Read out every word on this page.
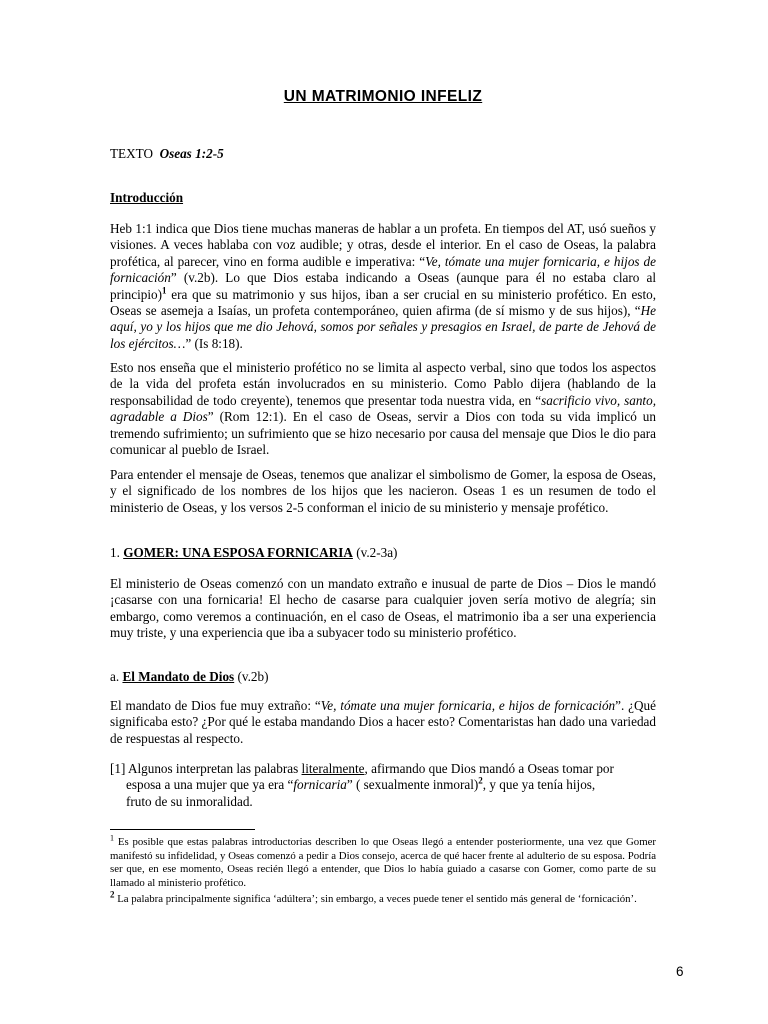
UN MATRIMONIO INFELIZ
TEXTO Oseas 1:2-5
Introducción
Heb 1:1 indica que Dios tiene muchas maneras de hablar a un profeta. En tiempos del AT, usó sueños y visiones. A veces hablaba con voz audible; y otras, desde el interior. En el caso de Oseas, la palabra profética, al parecer, vino en forma audible e imperativa: “Ve, tómate una mujer fornicaria, e hijos de fornicación” (v.2b). Lo que Dios estaba indicando a Oseas (aunque para él no estaba claro al principio)$^1$ era que su matrimonio y sus hijos, iban a ser crucial en su ministerio profético. En esto, Oseas se asemeja a Isaías, un profeta contemporáneo, quien afirma (de sí mismo y de sus hijos), “He aquí, yo y los hijos que me dio Jehová, somos por señales y presagios en Israel, de parte de Jehová de los ejércitos…” (Is 8:18).
Esto nos enseña que el ministerio profético no se limita al aspecto verbal, sino que todos los aspectos de la vida del profeta están involucrados en su ministerio. Como Pablo dijera (hablando de la responsabilidad de todo creyente), tenemos que presentar toda nuestra vida, en “sacrificio vivo, santo, agradable a Dios” (Rom 12:1). En el caso de Oseas, servir a Dios con toda su vida implicó un tremendo sufrimiento; un sufrimiento que se hizo necesario por causa del mensaje que Dios le dio para comunicar al pueblo de Israel.
Para entender el mensaje de Oseas, tenemos que analizar el simbolismo de Gomer, la esposa de Oseas, y el significado de los nombres de los hijos que les nacieron. Oseas 1 es un resumen de todo el ministerio de Oseas, y los versos 2-5 conforman el inicio de su ministerio y mensaje profético.
1. GOMER: UNA ESPOSA FORNICARIA (v.2-3a)
El ministerio de Oseas comenzó con un mandato extraño e inusual de parte de Dios – Dios le mandó ¡casarse con una fornicaria! El hecho de casarse para cualquier joven sería motivo de alegría; sin embargo, como veremos a continuación, en el caso de Oseas, el matrimonio iba a ser una experiencia muy triste, y una experiencia que iba a subyacer todo su ministerio profético.
a. El Mandato de Dios (v.2b)
El mandato de Dios fue muy extraño: “Ve, tómate una mujer fornicaria, e hijos de fornicación”. ¿Qué significaba esto? ¿Por qué le estaba mandando Dios a hacer esto? Comentaristas han dado una variedad de respuestas al respecto.
[1] Algunos interpretan las palabras literalmente, afirmando que Dios mandó a Oseas tomar por
esposa a una mujer que ya era “fornicaria” ( sexualmente inmoral)$^2$, y que ya tenía hijos,
fruto de su inmoralidad.
$^1$ Es posible que estas palabras introductorias describen lo que Oseas llegó a entender posteriormente, una vez que Gomer manifestó su infidelidad, y Oseas comenzó a pedir a Dios consejo, acerca de qué hacer frente al adulterio de su esposa. Podría ser que, en ese momento, Oseas recién llegó a entender, que Dios lo había guiado a casarse con Gomer, como parte de su llamado al ministerio profético.
$^2$ La palabra principalmente significa ‘adúltera’; sin embargo, a veces puede tener el sentido más general de ‘fornicación’.
6
